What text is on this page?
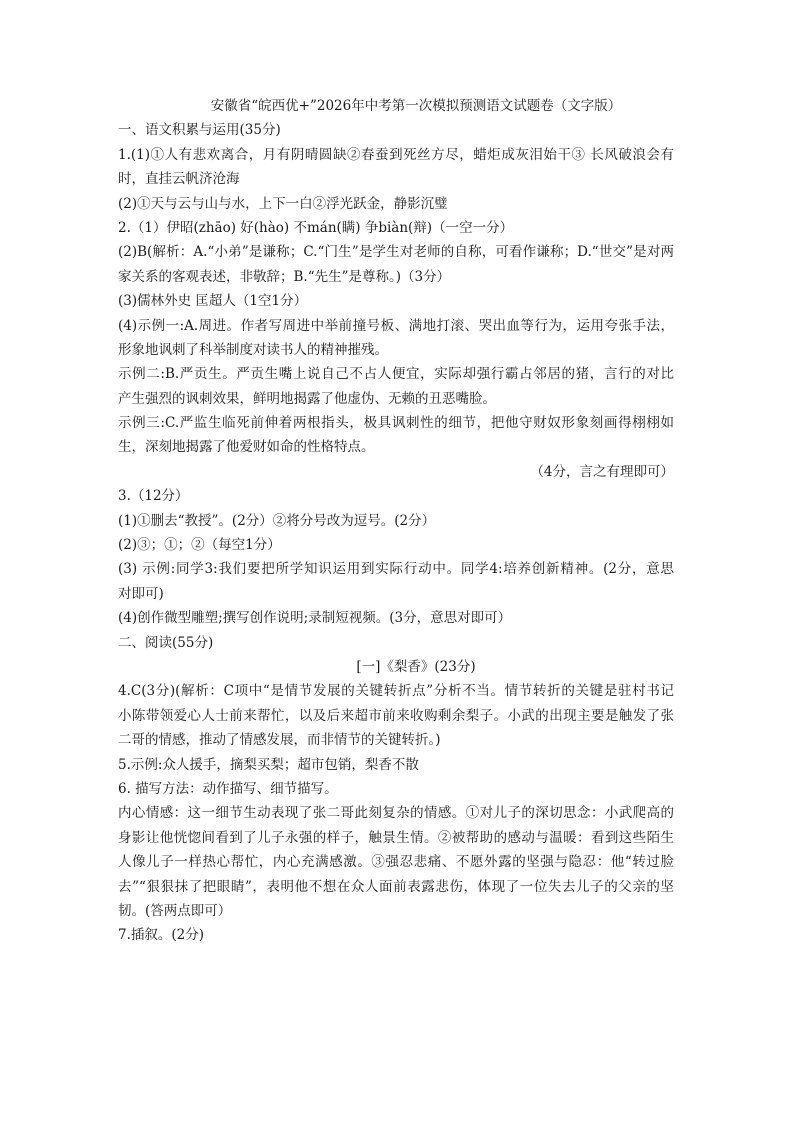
安徽省“皖西优+”2026年中考第一次模拟预测语文试题卷（文字版）
一、语文积累与运用(35分)
1.(1)①人有悲欢离合，月有阴晴圆缺②春蚕到死丝方尽，蜡炬成灰泪始干③ 长风破浪会有
时，直挂云帆济沧海
(2)①天与云与山与水，上下一白②浮光跃金，静影沉璧
2.（1）伊昭(zhāo) 好(hào) 不mán(瞒) 争biàn(辩)（一空一分）
(2)B(解析：A.“小弟”是谦称；C.“门生”是学生对老师的自称，可看作谦称；D.“世交”是对两
家关系的客观表述，非敬辞；B.“先生”是尊称。)（3分）
(3)儒林外史 匡超人（1空1分）
(4)示例一:A.周进。作者写周进中举前撞号板、满地打滚、哭出血等行为，运用夸张手法，
形象地讽刺了科举制度对读书人的精神摧残。
示例二:B.严贡生。严贡生嘴上说自己不占人便宜，实际却强行霸占邻居的猪，言行的对比
产生强烈的讽刺效果，鲜明地揭露了他虚伪、无赖的丑恶嘴脸。
示例三:C.严监生临死前伸着两根指头，极具讽刺性的细节，把他守财奴形象刻画得栩栩如
生，深刻地揭露了他爱财如命的性格特点。
（4分，言之有理即可）
3.（12分）
(1)①删去“教授”。(2分）②将分号改为逗号。(2分）
(2)③；①；②（每空1分）
(3) 示例:同学3:我们要把所学知识运用到实际行动中。同学4:培养创新精神。(2分，意思
对即可)
(4)创作微型雕塑;撰写创作说明;录制短视频。(3分，意思对即可）
二、阅读(55分)
[一]《梨香》(23分)
4.C(3分)(解析：C项中“是情节发展的关键转折点”分析不当。情节转折的关键是驻村书记
小陈带领爱心人士前来帮忙，以及后来超市前来收购剩余梨子。小武的出现主要是触发了张
二哥的情感，推动了情感发展，而非情节的关键转折。)
5.示例:众人援手，摘梨买梨；超市包销，梨香不散
6. 描写方法：动作描写、细节描写。
内心情感：这一细节生动表现了张二哥此刻复杂的情感。①对儿子的深切思念：小武爬高的
身影让他恍惚间看到了儿子永强的样子，触景生情。②被帮助的感动与温暖：看到这些陌生
人像儿子一样热心帮忙，内心充满感激。③强忍悲痛、不愿外露的坚强与隐忍：他“转过脸
去”“狠狠抹了把眼睛”，表明他不想在众人面前表露悲伤，体现了一位失去儿子的父亲的坚
韧。(答两点即可）
7.插叙。(2分)
